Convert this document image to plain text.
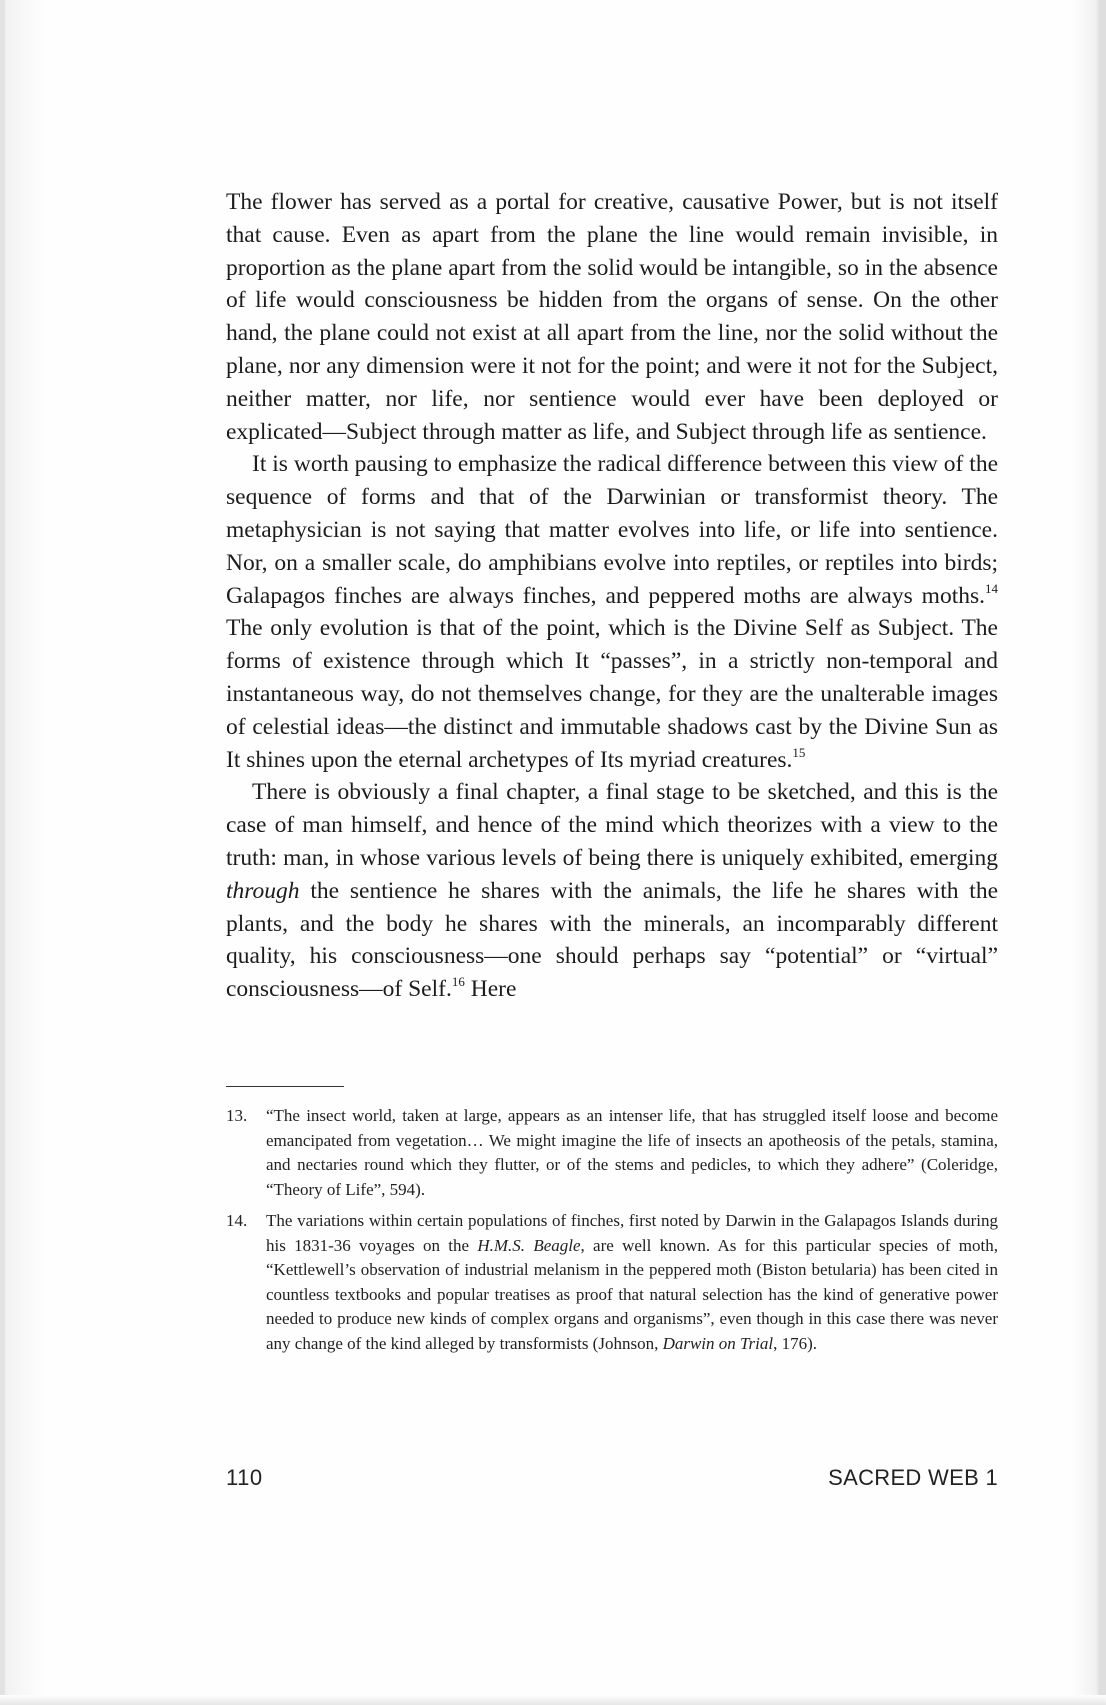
The flower has served as a portal for creative, causative Power, but is not itself that cause. Even as apart from the plane the line would remain invisible, in proportion as the plane apart from the solid would be intangible, so in the absence of life would consciousness be hidden from the organs of sense. On the other hand, the plane could not exist at all apart from the line, nor the solid without the plane, nor any dimension were it not for the point; and were it not for the Subject, neither matter, nor life, nor sentience would ever have been deployed or explicated—Subject through matter as life, and Subject through life as sentience.

It is worth pausing to emphasize the radical difference between this view of the sequence of forms and that of the Darwinian or transformist theory. The metaphysician is not saying that matter evolves into life, or life into sentience. Nor, on a smaller scale, do amphibians evolve into reptiles, or reptiles into birds; Galapagos finches are always finches, and peppered moths are always moths.$^{14}$ The only evolution is that of the point, which is the Divine Self as Subject. The forms of existence through which It “passes”, in a strictly non-temporal and instantaneous way, do not themselves change, for they are the unalterable images of celestial ideas—the distinct and immutable shadows cast by the Divine Sun as It shines upon the eternal archetypes of Its myriad creatures.$^{15}$

There is obviously a final chapter, a final stage to be sketched, and this is the case of man himself, and hence of the mind which theorizes with a view to the truth: man, in whose various levels of being there is uniquely exhibited, emerging through the sentience he shares with the animals, the life he shares with the plants, and the body he shares with the minerals, an incomparably different quality, his consciousness—one should perhaps say “potential” or “virtual” consciousness—of Self.$^{16}$ Here

13.	“The insect world, taken at large, appears as an intenser life, that has struggled itself loose and become emancipated from vegetation… We might imagine the life of insects an apotheosis of the petals, stamina, and nectaries round which they flutter, or of the stems and pedicles, to which they adhere” (Coleridge, “Theory of Life”, 594).
14.	The variations within certain populations of finches, first noted by Darwin in the Galapagos Islands during his 1831-36 voyages on the H.M.S. Beagle, are well known. As for this particular species of moth, “Kettlewell’s observation of industrial melanism in the peppered moth (Biston betularia) has been cited in countless textbooks and popular treatises as proof that natural selection has the kind of generative power needed to produce new kinds of complex organs and organisms”, even though in this case there was never any change of the kind alleged by transformists (Johnson, Darwin on Trial, 176).
110	SACRED WEB 1
